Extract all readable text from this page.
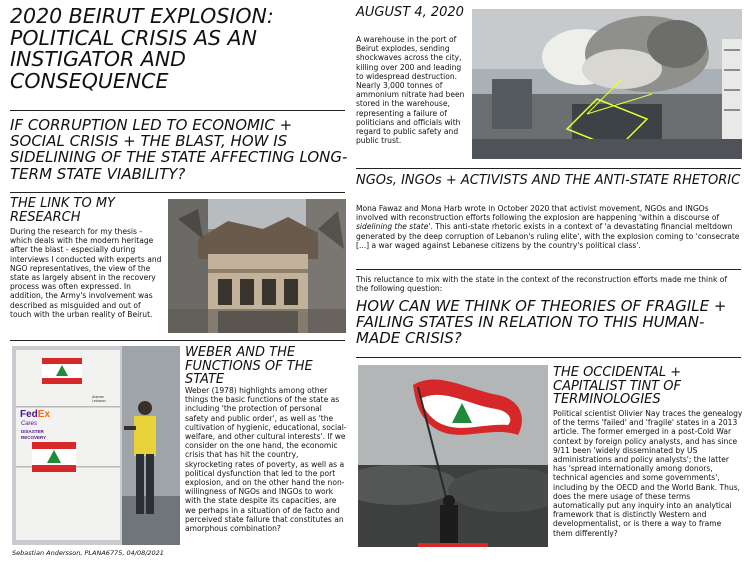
2020 BEIRUT EXPLOSION: POLITICAL CRISIS AS AN INSTIGATOR AND CONSEQUENCE
IF CORRUPTION LED TO ECONOMIC + SOCIAL CRISIS + THE BLAST, HOW IS SIDELINING OF THE STATE AFFECTING LONG-TERM STATE VIABILITY?
THE LINK TO MY RESEARCH

During the research for my thesis - which deals with the modern heritage after the blast - especially during interviews I conducted with experts and NGO representatives, the view of the state as largely absent in the recovery process was often expressed. In addition, the Army's involvement was described as misguided and out of touch with the urban reality of Beirut.

FedEx
Cares
DISASTER
RECOVERY
Aramex Lebanon
WEBER AND THE FUNCTIONS OF THE STATE

Weber (1978) highlights among other things the basic functions of the state as including 'the protection of personal safety and public order', as well as 'the cultivation of hygienic, educational, social-welfare, and other cultural interests'. If we consider on the one hand, the economic crisis that has hit the country, skyrocketing rates of poverty, as well as a political dysfunction that led to the port explosion, and on the other hand the non-willingness of NGOs and INGOs to work with the state despite its capacities, are we perhaps in a situation of de facto and perceived state failure that constitutes an amorphous combination?

Sebastian Andersson, PLANA6775, 04/08/2021
AUGUST 4, 2020

A warehouse in the port of Beirut explodes, sending shockwaves across the city, killing over 200 and leading to widespread destruction. Nearly 3,000 tonnes of ammonium nitrate had been stored in the warehouse, representing a failure of politicians and officials with regard to public safety and public trust.

NGOs, INGOs + ACTIVISTS AND THE ANTI-STATE RHETORIC

Mona Fawaz and Mona Harb wrote in October 2020 that activist movement, NGOs and INGOs involved with reconstruction efforts following the explosion are happening 'within a discourse of sidelining the state'. This anti-state rhetoric exists in a context of 'a devastating financial meltdown generated by the deep corruption of Lebanon's ruling elite', with the explosion coming to 'consecrate [...] a war waged against Lebanese citizens by the country's political class'.

This reluctance to mix with the state in the context of the reconstruction efforts made me think of the following question:

HOW CAN WE THINK OF THEORIES OF FRAGILE + FAILING STATES IN RELATION TO THIS HUMAN-MADE CRISIS?
THE OCCIDENTAL + CAPITALIST TINT OF TERMINOLOGIES

Political scientist Olivier Nay traces the genealogy of the terms 'failed' and 'fragile' states in a 2013 article. The former emerged in a post-Cold War context by foreign policy analysts, and has since 9/11 been 'widely disseminated by US administrations and policy analysts'; the latter has 'spread internationally among donors, technical agencies and some governments', including by the OECD and the World Bank. Thus, does the mere usage of these terms automatically put any inquiry into an analytical framework that is distinctly Western and developmentalist, or is there a way to frame them differently?
